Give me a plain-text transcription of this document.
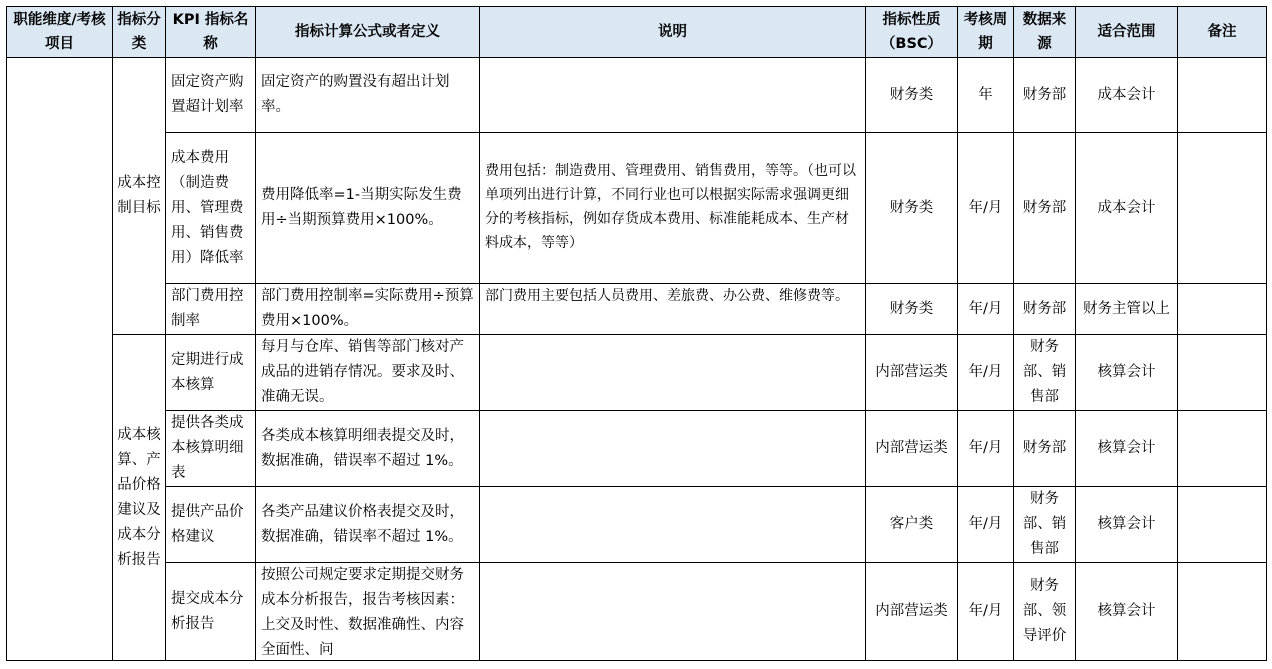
职能维度/考核项目	指标分类	KPI 指标名称	指标计算公式或者定义	说明	指标性质（BSC）	考核周期	数据来源	适合范围	备注
	成本控制目标	固定资产购置超计划率	固定资产的购置没有超出计划率。		财务类	年	财务部	成本会计	
		成本费用（制造费用、管理费用、销售费用）降低率	费用降低率=1-当期实际发生费用÷当期预算费用×100%。	费用包括：制造费用、管理费用、销售费用，等等。（也可以单项列出进行计算，不同行业也可以根据实际需求强调更细分的考核指标，例如存货成本费用、标准能耗成本、生产材料成本，等等）	财务类	年/月	财务部	成本会计	
		部门费用控制率	部门费用控制率=实际费用÷预算费用×100%。	部门费用主要包括人员费用、差旅费、办公费、维修费等。	财务类	年/月	财务部	财务主管以上	
	成本核算、产品价格建议及成本分析报告	定期进行成本核算	每月与仓库、销售等部门核对产成品的进销存情况。要求及时、准确无误。		内部营运类	年/月	财务部、销售部	核算会计	
		提供各类成本核算明细表	各类成本核算明细表提交及时，数据准确，错误率不超过 1%。		内部营运类	年/月	财务部	核算会计	
		提供产品价格建议	各类产品建议价格表提交及时，数据准确，错误率不超过 1%。		客户类	年/月	财务部、销售部	核算会计	
		提交成本分析报告	按照公司规定要求定期提交财务成本分析报告，报告考核因素：上交及时性、数据准确性、内容全面性、问		内部营运类	年/月	财务部、领导评价	核算会计	
